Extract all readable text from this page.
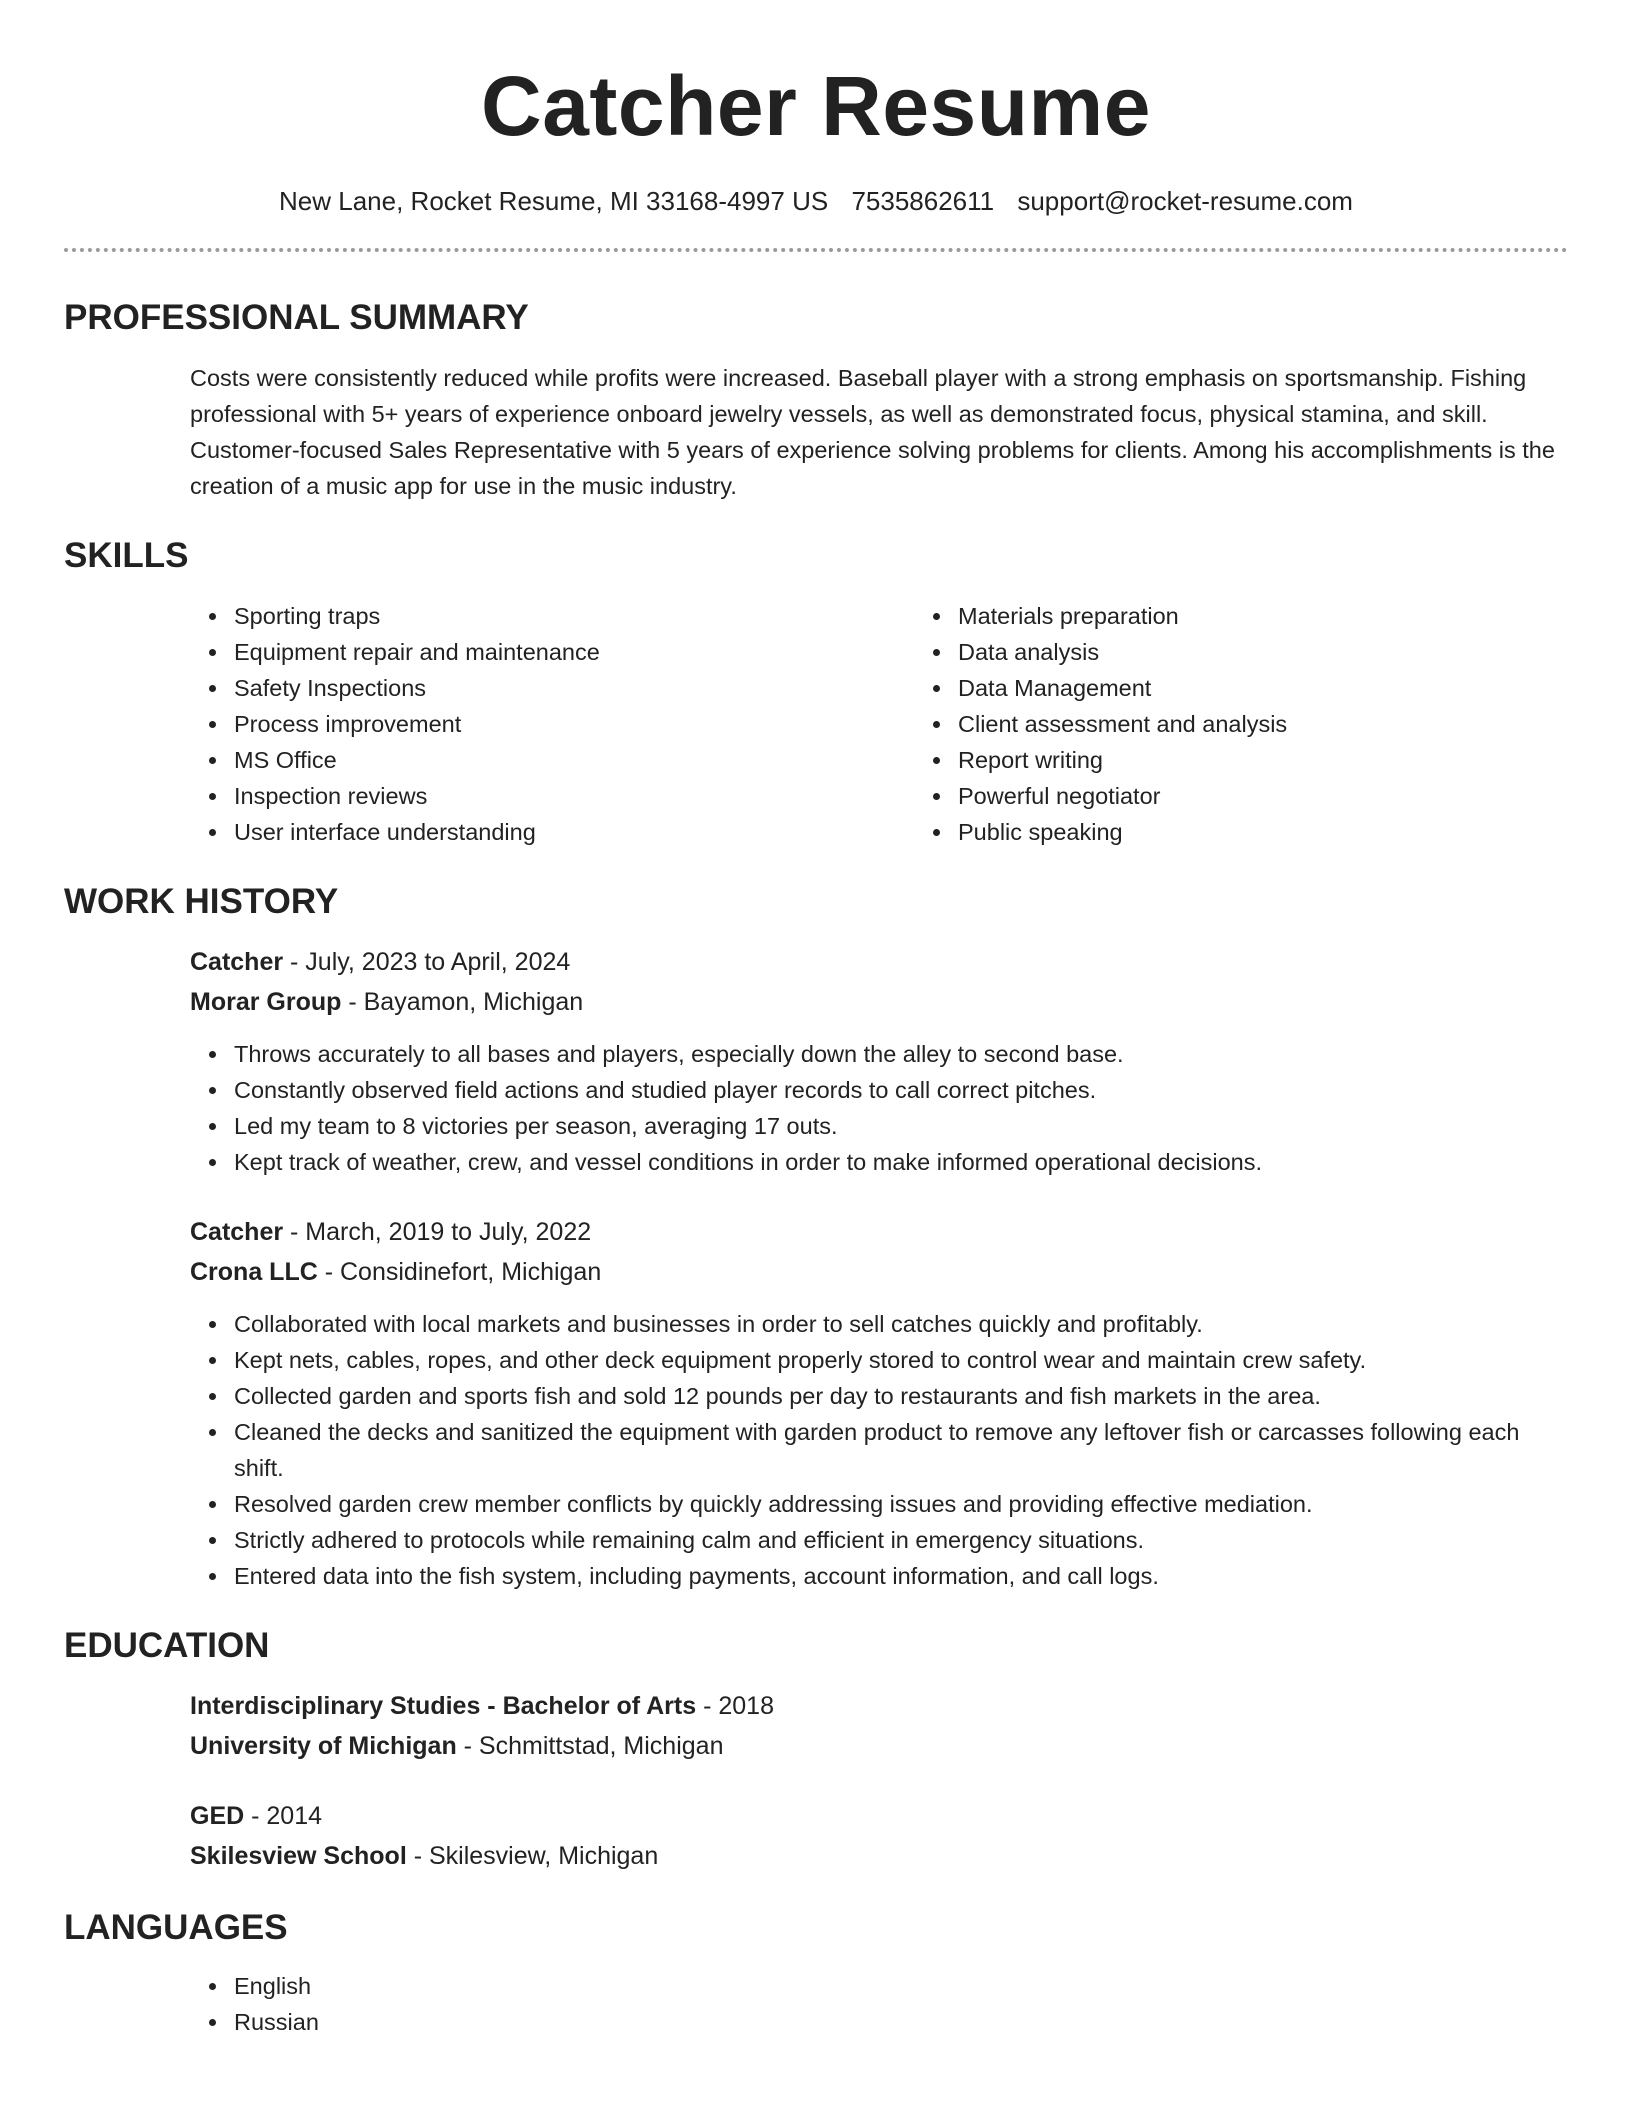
Catcher Resume
New Lane, Rocket Resume, MI 33168-4997 US 7535862611 support@rocket-resume.com
PROFESSIONAL SUMMARY

Costs were consistently reduced while profits were increased. Baseball player with a strong emphasis on sportsmanship. Fishing professional with 5+ years of experience onboard jewelry vessels, as well as demonstrated focus, physical stamina, and skill. Customer-focused Sales Representative with 5 years of experience solving problems for clients. Among his accomplishments is the creation of a music app for use in the music industry.

SKILLS
Sporting traps
Equipment repair and maintenance
Safety Inspections
Process improvement
MS Office
Inspection reviews
User interface understanding
Materials preparation
Data analysis
Data Management
Client assessment and analysis
Report writing
Powerful negotiator
Public speaking
WORK HISTORY
Catcher - July, 2023 to April, 2024
Morar Group - Bayamon, Michigan
Throws accurately to all bases and players, especially down the alley to second base.
Constantly observed field actions and studied player records to call correct pitches.
Led my team to 8 victories per season, averaging 17 outs.
Kept track of weather, crew, and vessel conditions in order to make informed operational decisions.
Catcher - March, 2019 to July, 2022
Crona LLC - Considinefort, Michigan
Collaborated with local markets and businesses in order to sell catches quickly and profitably.
Kept nets, cables, ropes, and other deck equipment properly stored to control wear and maintain crew safety.
Collected garden and sports fish and sold 12 pounds per day to restaurants and fish markets in the area.
Cleaned the decks and sanitized the equipment with garden product to remove any leftover fish or carcasses following each shift.
Resolved garden crew member conflicts by quickly addressing issues and providing effective mediation.
Strictly adhered to protocols while remaining calm and efficient in emergency situations.
Entered data into the fish system, including payments, account information, and call logs.
EDUCATION
Interdisciplinary Studies - Bachelor of Arts - 2018
University of Michigan - Schmittstad, Michigan
GED - 2014
Skilesview School - Skilesview, Michigan
LANGUAGES
English
Russian
